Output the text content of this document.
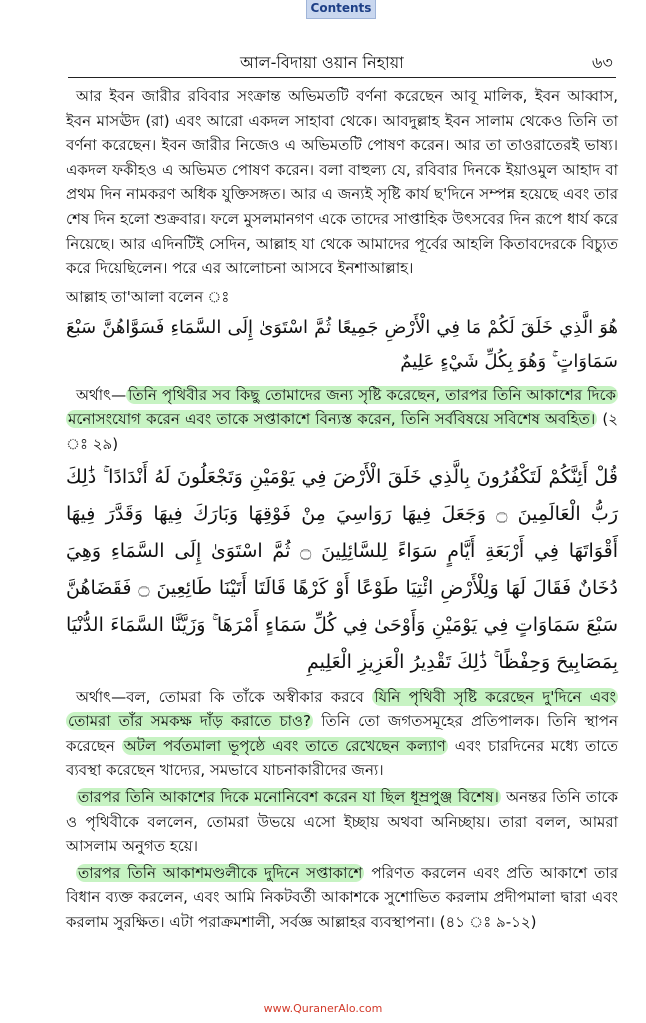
Contents
আল-বিদায়া ওয়ান নিহায়া	৬৩

আর ইবন জারীর রবিবার সংক্রান্ত অভিমতটি বর্ণনা করেছেন আবূ মালিক, ইবন আব্বাস, ইবন মাসঊদ (রা) এবং আরো একদল সাহাবা থেকে। আবদুল্লাহ ইবন সালাম থেকেও তিনি তা বর্ণনা করেছেন। ইবন জারীর নিজেও এ অভিমতটি পোষণ করেন। আর তা তাওরাতেরই ভাষ্য। একদল ফকীহও এ অভিমত পোষণ করেন। বলা বাহুল্য যে, রবিবার দিনকে ইয়াওমুল আহাদ বা প্রথম দিন নামকরণ অধিক যুক্তিসঙ্গত। আর এ জন্যই সৃষ্টি কার্য ছ'দিনে সম্পন্ন হয়েছে এবং তার শেষ দিন হলো শুক্রবার। ফলে মুসলমানগণ একে তাদের সাপ্তাহিক উৎসবের দিন রূপে ধার্য করে নিয়েছে। আর এদিনটিই সেদিন, আল্লাহ যা থেকে আমাদের পূর্বের আহলি কিতাবদেরকে বিচ্যুত করে দিয়েছিলেন। পরে এর আলোচনা আসবে ইনশাআল্লাহ।

আল্লাহ তা'আলা বলেন ঃ

هُوَ الَّذِي خَلَقَ لَكُمْ مَا فِي الْأَرْضِ جَمِيعًا ثُمَّ اسْتَوَىٰ إِلَى السَّمَاءِ فَسَوَّاهُنَّ سَبْعَ سَمَاوَاتٍ ۚ وَهُوَ بِكُلِّ شَيْءٍ عَلِيمٌ

অর্থাৎ— তিনি পৃথিবীর সব কিছু তোমাদের জন্য সৃষ্টি করেছেন, তারপর তিনি আকাশের দিকে মনোসংযোগ করেন এবং তাকে সপ্তাকাশে বিন্যস্ত করেন, তিনি সর্ববিষয়ে সবিশেষ অবহিত। (২ ঃ ২৯)

قُلْ أَئِنَّكُمْ لَتَكْفُرُونَ بِالَّذِي خَلَقَ الْأَرْضَ فِي يَوْمَيْنِ وَتَجْعَلُونَ لَهُ أَنْدَادًا ۚ ذَٰلِكَ رَبُّ الْعَالَمِينَ ۝ وَجَعَلَ فِيهَا رَوَاسِيَ مِنْ فَوْقِهَا وَبَارَكَ فِيهَا وَقَدَّرَ فِيهَا أَقْوَاتَهَا فِي أَرْبَعَةِ أَيَّامٍ سَوَاءً لِلسَّائِلِينَ ۝ ثُمَّ اسْتَوَىٰ إِلَى السَّمَاءِ وَهِيَ دُخَانٌ فَقَالَ لَهَا وَلِلْأَرْضِ ائْتِيَا طَوْعًا أَوْ كَرْهًا قَالَتَا أَتَيْنَا طَائِعِينَ ۝ فَقَضَاهُنَّ سَبْعَ سَمَاوَاتٍ فِي يَوْمَيْنِ وَأَوْحَىٰ فِي كُلِّ سَمَاءٍ أَمْرَهَا ۚ وَزَيَّنَّا السَّمَاءَ الدُّنْيَا بِمَصَابِيحَ وَحِفْظًا ۚ ذَٰلِكَ تَقْدِيرُ الْعَزِيزِ الْعَلِيمِ

অর্থাৎ—বল, তোমরা কি তাঁকে অস্বীকার করবে যিনি পৃথিবী সৃষ্টি করেছেন দু'দিনে এবং তোমরা তাঁর সমকক্ষ দাঁড় করাতে চাও? তিনি তো জগতসমূহের প্রতিপালক। তিনি স্থাপন করেছেন অটল পর্বতমালা ভূপৃষ্ঠে এবং তাতে রেখেছেন কল্যাণ এবং চারদিনের মধ্যে তাতে ব্যবস্থা করেছেন খাদ্যের, সমভাবে যাচনাকারীদের জন্য।

তারপর তিনি আকাশের দিকে মনোনিবেশ করেন যা ছিল ধূম্রপুঞ্জ বিশেষ। অনন্তর তিনি তাকে ও পৃথিবীকে বললেন, তোমরা উভয়ে এসো ইচ্ছায় অথবা অনিচ্ছায়। তারা বলল, আমরা আসলাম অনুগত হয়ে।

তারপর তিনি আকাশমণ্ডলীকে দুদিনে সপ্তাকাশে পরিণত করলেন এবং প্রতি আকাশে তার বিধান ব্যক্ত করলেন, এবং আমি নিকটবর্তী আকাশকে সুশোভিত করলাম প্রদীপমালা দ্বারা এবং করলাম সুরক্ষিত। এটা পরাক্রমশালী, সর্বজ্ঞ আল্লাহর ব্যবস্থাপনা। (৪১ ঃ ৯-১২)

www.QuranerAlo.com
